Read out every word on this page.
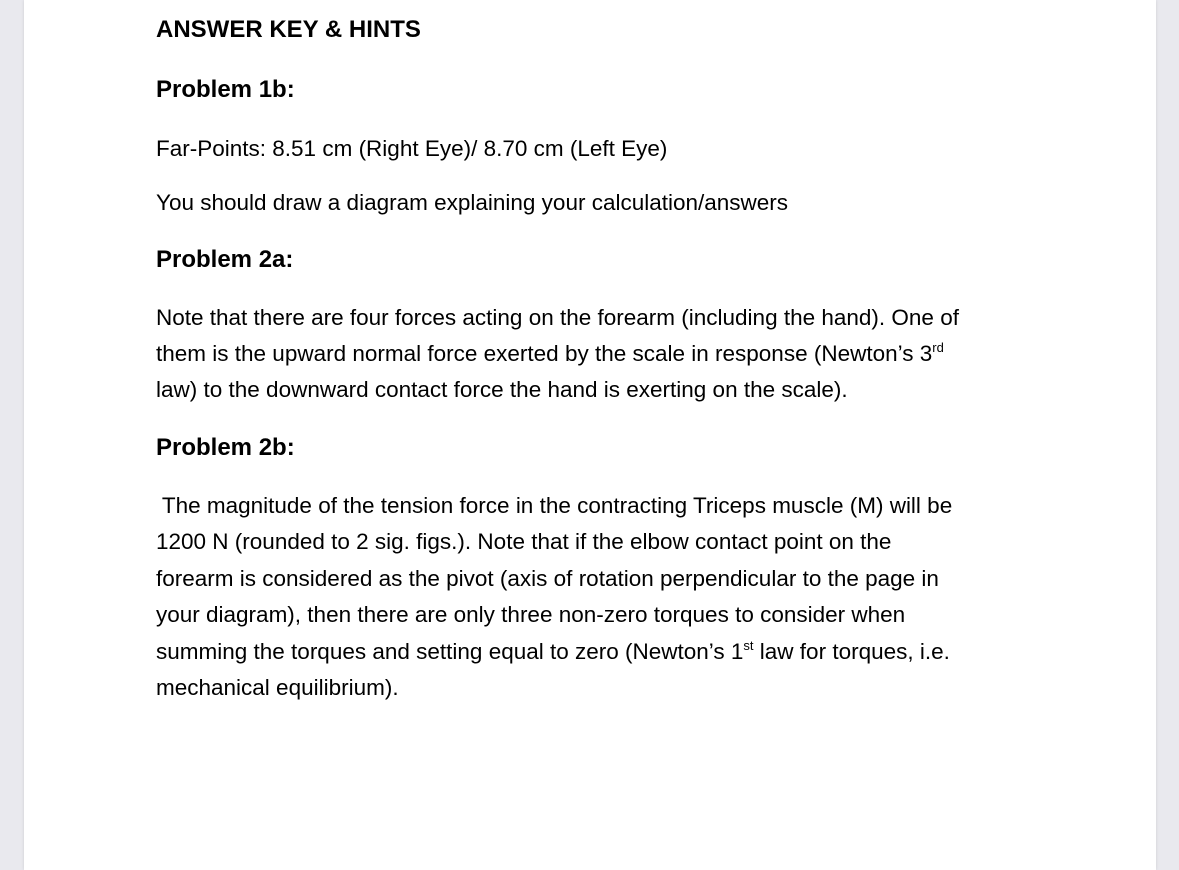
ANSWER KEY & HINTS
Problem 1b:
Far-Points: 8.51 cm (Right Eye)/ 8.70 cm (Left Eye)
You should draw a diagram explaining your calculation/answers
Problem 2a:
Note that there are four forces acting on the forearm (including the hand). One of
them is the upward normal force exerted by the scale in response (Newton’s 3rd
law) to the downward contact force the hand is exerting on the scale).
Problem 2b:
The magnitude of the tension force in the contracting Triceps muscle (M) will be
1200 N (rounded to 2 sig. figs.). Note that if the elbow contact point on the
forearm is considered as the pivot (axis of rotation perpendicular to the page in
your diagram), then there are only three non-zero torques to consider when
summing the torques and setting equal to zero (Newton’s 1st law for torques, i.e.
mechanical equilibrium).
